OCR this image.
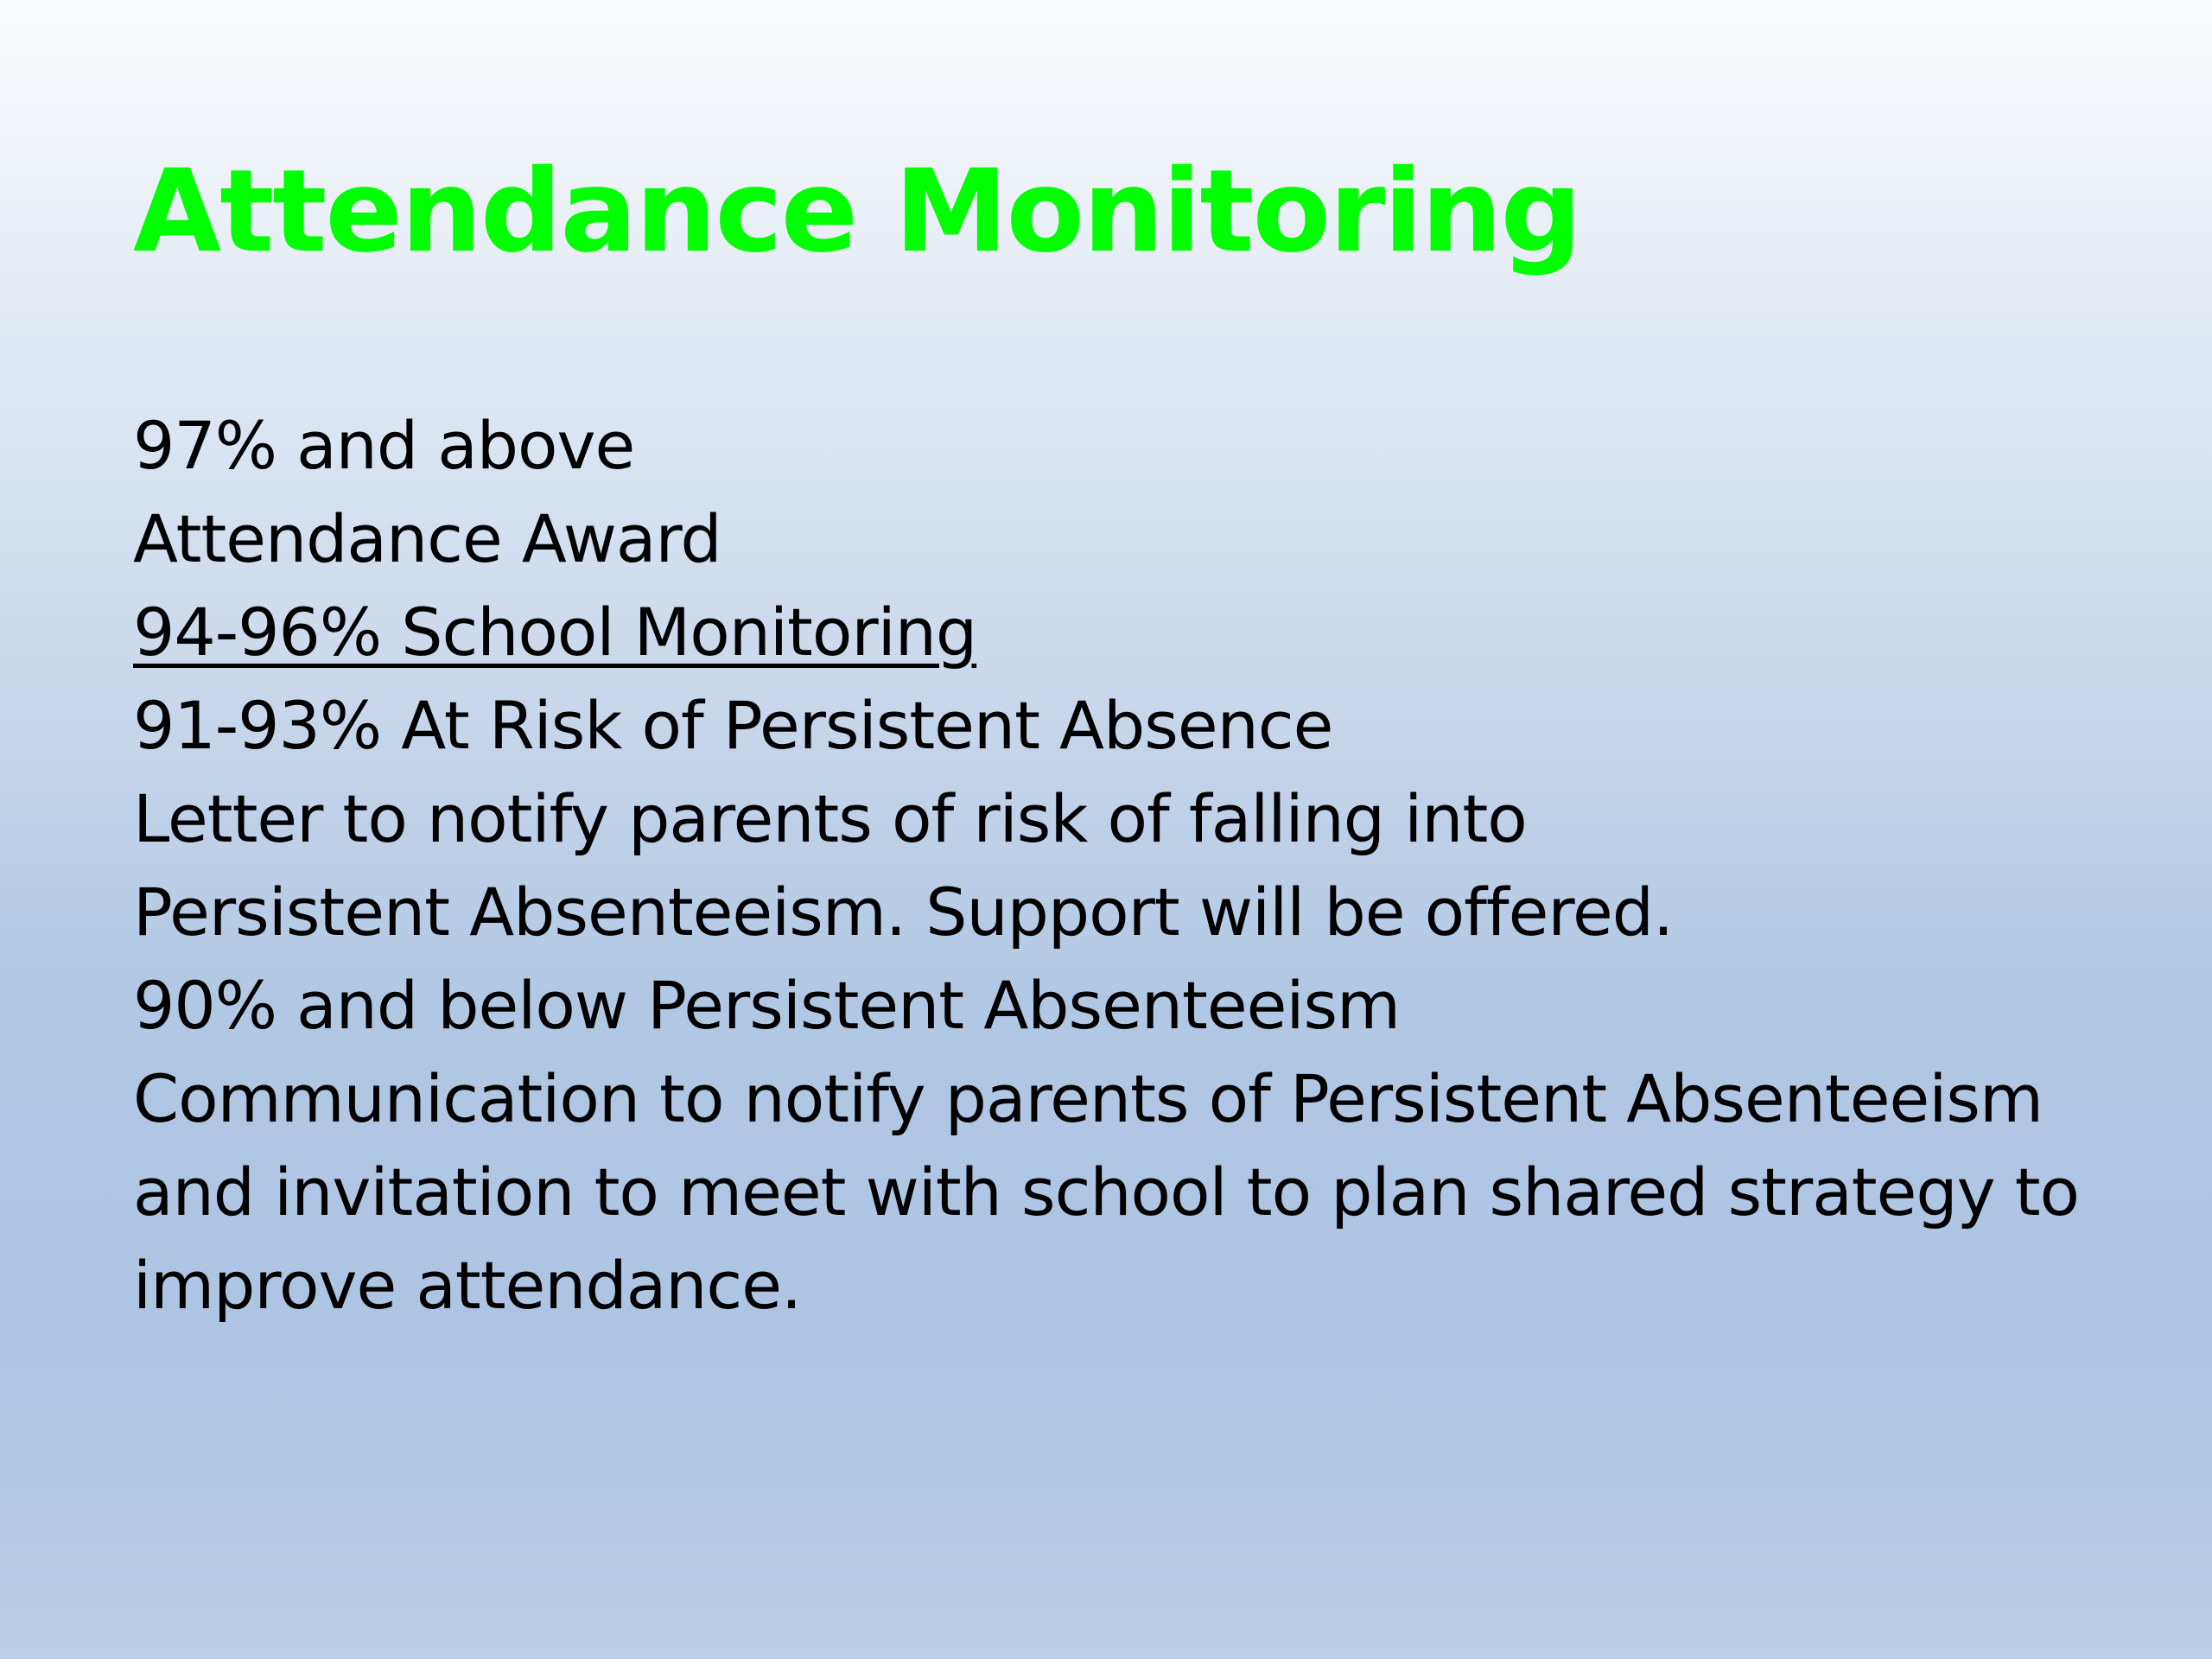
Attendance Monitoring
97% and above
Attendance Award
94-96% School Monitoring
91-93% At Risk of Persistent Absence
Letter to notify parents of risk of falling into
Persistent Absenteeism. Support will be offered.
90% and below Persistent Absenteeism
Communication to notify parents of Persistent Absenteeism
and invitation to meet with school to plan shared strategy to
improve attendance.
